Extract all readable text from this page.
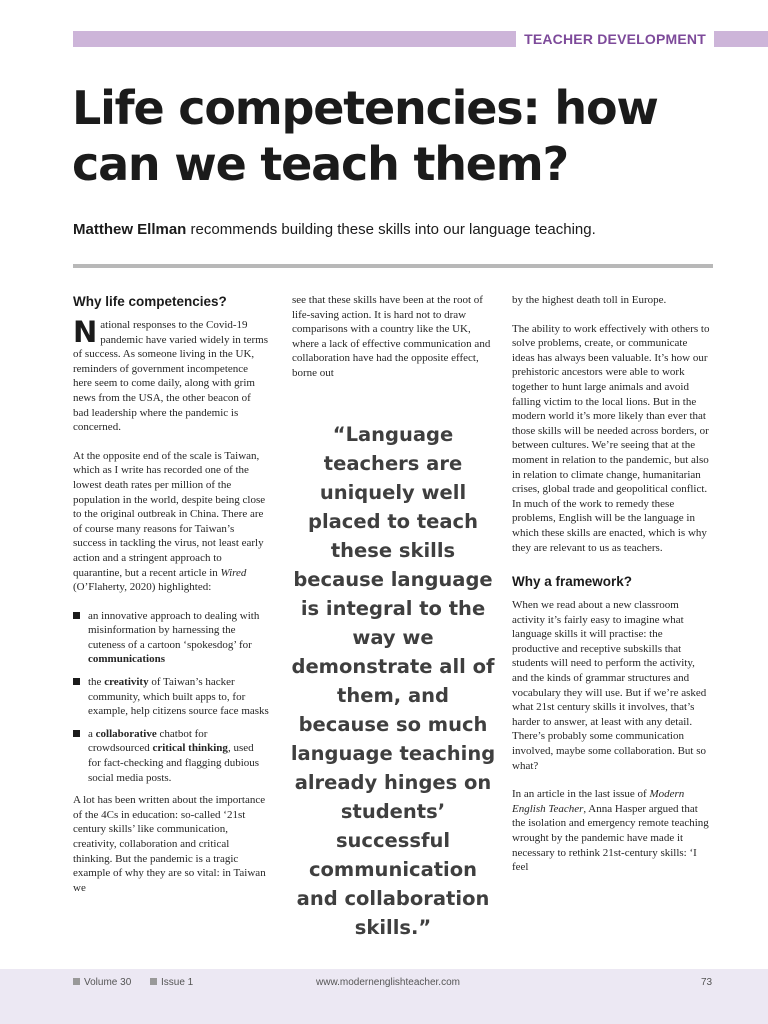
TEACHER DEVELOPMENT
Life competencies: how can we teach them?
Matthew Ellman recommends building these skills into our language teaching.
Why life competencies?

National responses to the Covid-19 pandemic have varied widely in terms of success. As someone living in the UK, reminders of government incompetence here seem to come daily, along with grim news from the USA, the other beacon of bad leadership where the pandemic is concerned.

At the opposite end of the scale is Taiwan, which as I write has recorded one of the lowest death rates per million of the population in the world, despite being close to the original outbreak in China. There are of course many reasons for Taiwan’s success in tackling the virus, not least early action and a stringent approach to quarantine, but a recent article in Wired (O’Flaherty, 2020) highlighted:

an innovative approach to dealing with misinformation by harnessing the cuteness of a cartoon ‘spokesdog’ for communications
the creativity of Taiwan’s hacker community, which built apps to, for example, help citizens source face masks
a collaborative chatbot for crowdsourced critical thinking, used for fact-checking and flagging dubious social media posts.

A lot has been written about the importance of the 4Cs in education: so-called ‘21st century skills’ like communication, creativity, collaboration and critical thinking. But the pandemic is a tragic example of why they are so vital: in Taiwan we

see that these skills have been at the root of life-saving action. It is hard not to draw comparisons with a country like the UK, where a lack of effective communication and collaboration have had the opposite effect, borne out

“Language teachers are uniquely well placed to teach these skills because language is integral to the way we demonstrate all of them, and because so much language teaching already hinges on students’ successful communication and collaboration skills.”

by the highest death toll in Europe.

The ability to work effectively with others to solve problems, create, or communicate ideas has always been valuable. It’s how our prehistoric ancestors were able to work together to hunt large animals and avoid falling victim to the local lions. But in the modern world it’s more likely than ever that those skills will be needed across borders, or between cultures. We’re seeing that at the moment in relation to the pandemic, but also in relation to climate change, humanitarian crises, global trade and geopolitical conflict. In much of the work to remedy these problems, English will be the language in which these skills are enacted, which is why they are relevant to us as teachers.

Why a framework?

When we read about a new classroom activity it’s fairly easy to imagine what language skills it will practise: the productive and receptive subskills that students will need to perform the activity, and the kinds of grammar structures and vocabulary they will use. But if we’re asked what 21st century skills it involves, that’s harder to answer, at least with any detail. There’s probably some communication involved, maybe some collaboration. But so what?

In an article in the last issue of Modern English Teacher, Anna Hasper argued that the isolation and emergency remote teaching wrought by the pandemic have made it necessary to rethink 21st-century skills: ‘I feel

Volume 30	Issue 1	www.modernenglishteacher.com	73
